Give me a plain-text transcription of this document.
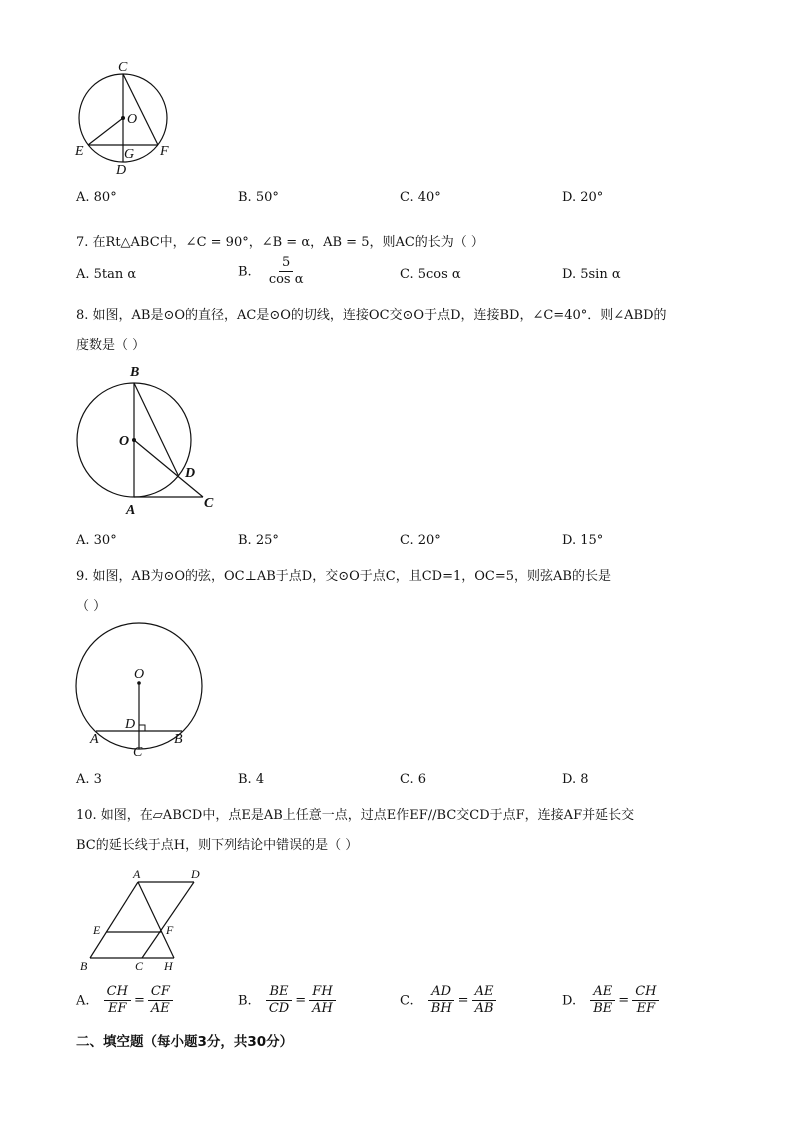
C
O
E	G F
D
A. 80°	B. 50°	C. 40°	D. 20°
7. 在Rt△ABC中，∠C = 90°，∠B = α，AB = 5，则AC的长为（ ）
A. 5tan α	B. $\frac{5}{\text{cos α}}$	C. 5cos α	D. 5sin α
8. 如图，AB是⊙O的直径，AC是⊙O的切线，连接OC交⊙O于点D，连接BD，∠C=40°．则∠ABD的
度数是（ ）
B
O
D
A	C
A. 30°	B. 25°	C. 20°	D. 15°
9. 如图，AB为⊙O的弦，OC⊥AB于点D，交⊙O于点C，且CD=1，OC=5，则弦AB的长是
（ ）
O
D
A
C
B
A. 3	B. 4	C. 6	D. 8
10. 如图，在▱ABCD中，点E是AB上任意一点，过点E作EF//BC交CD于点F，连接AF并延长交
BC的延长线于点H，则下列结论中错误的是（ ）
A	D
E	F
B	C H
A. $\frac{CH}{EF} = \frac{CF}{AE}$	B. $\frac{BE}{CD} = \frac{FH}{AH}$	C. $\frac{AD}{BH} = \frac{AE}{AB}$	D. $\frac{AE}{BE} = \frac{CH}{EF}$
二、填空题（每小题3分，共30分）
